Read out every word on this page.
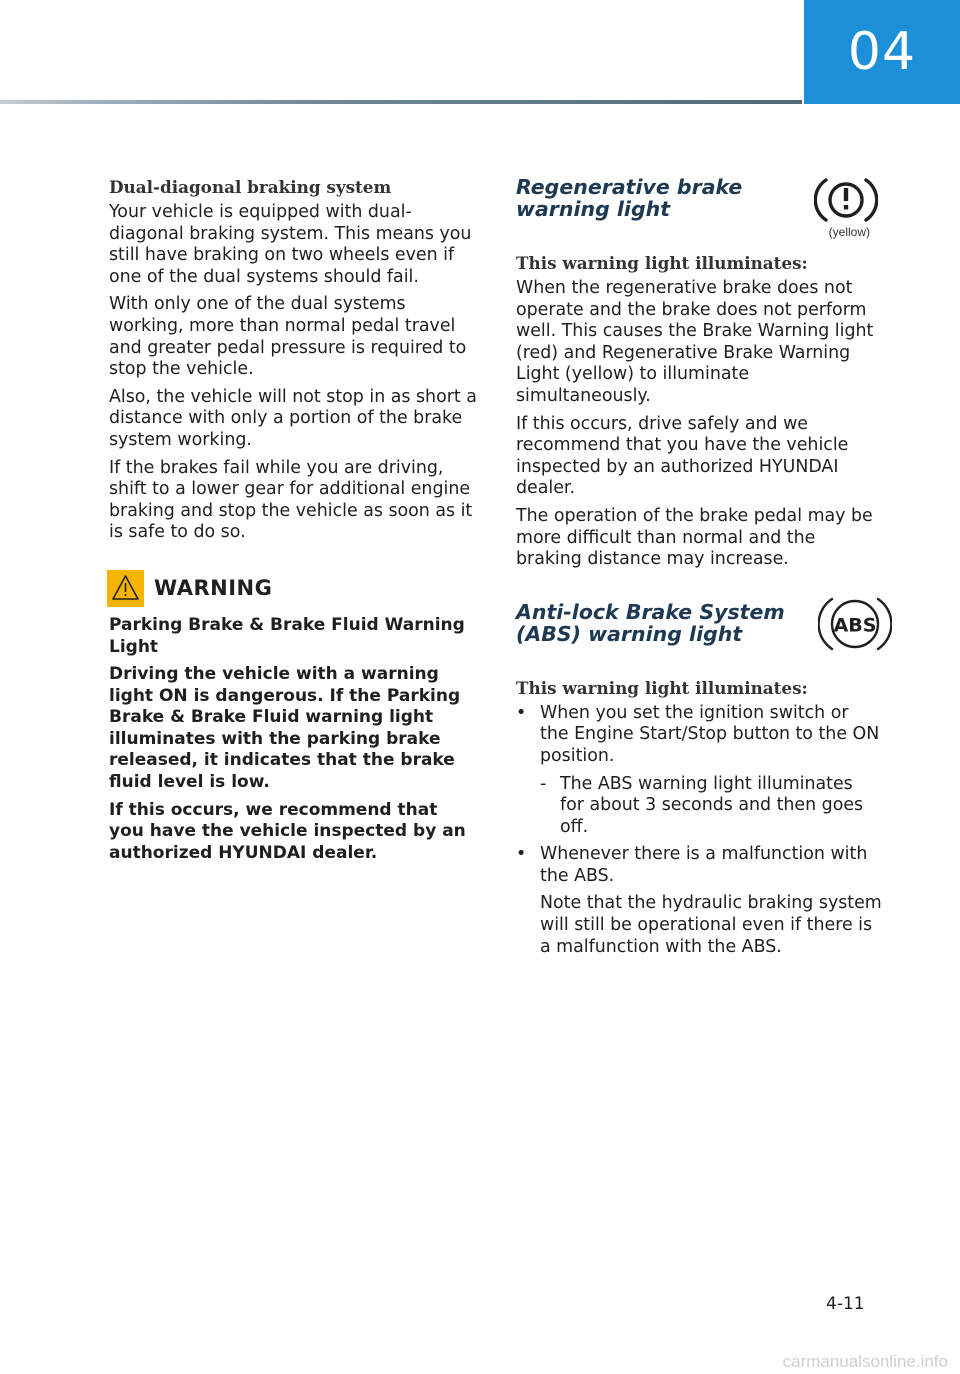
04

Dual-diagonal braking system

Your vehicle is equipped with dual-diagonal braking system. This means you still have braking on two wheels even if one of the dual systems should fail.

With only one of the dual systems working, more than normal pedal travel and greater pedal pressure is required to stop the vehicle.

Also, the vehicle will not stop in as short a distance with only a portion of the brake system working.

If the brakes fail while you are driving, shift to a lower gear for additional engine braking and stop the vehicle as soon as it is safe to do so.

WARNING

Parking Brake & Brake Fluid Warning Light

Driving the vehicle with a warning light ON is dangerous. If the Parking Brake & Brake Fluid warning light illuminates with the parking brake released, it indicates that the brake fluid level is low.

If this occurs, we recommend that you have the vehicle inspected by an authorized HYUNDAI dealer.

Regenerative brake warning light

(yellow)

This warning light illuminates:

When the regenerative brake does not operate and the brake does not perform well. This causes the Brake Warning light (red) and Regenerative Brake Warning Light (yellow) to illuminate simultaneously.

If this occurs, drive safely and we recommend that you have the vehicle inspected by an authorized HYUNDAI dealer.

The operation of the brake pedal may be more difficult than normal and the braking distance may increase.

Anti-lock Brake System (ABS) warning light	ABS

This warning light illuminates:

• When you set the ignition switch or the Engine Start/Stop button to the ON position.
- The ABS warning light illuminates for about 3 seconds and then goes off.
• Whenever there is a malfunction with the ABS.

Note that the hydraulic braking system will still be operational even if there is a malfunction with the ABS.

4-11
carmanualsonline.info
